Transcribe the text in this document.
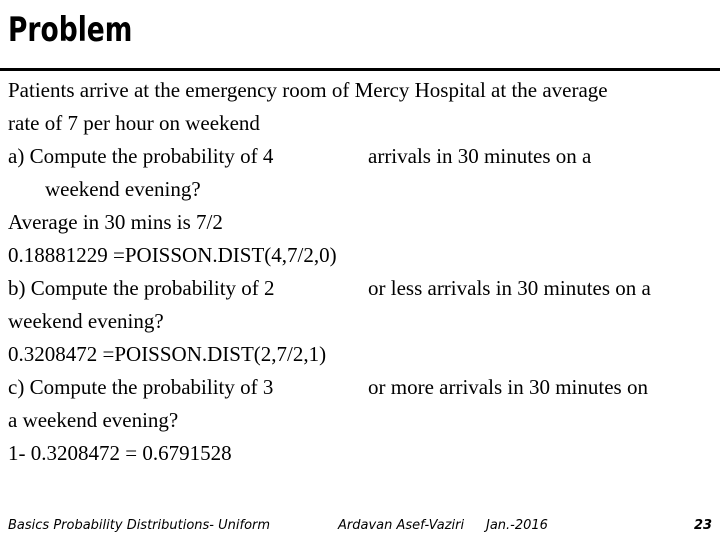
Problem
Patients arrive at the emergency room of Mercy Hospital at the average
rate of 7 per hour on weekend
a) Compute the probability of 4	arrivals in 30 minutes on a
weekend evening?
Average in 30 mins is 7/2
0.18881229 =POISSON.DIST(4,7/2,0)
b) Compute the probability of 2	or less arrivals in 30 minutes on a
weekend evening?
0.3208472 =POISSON.DIST(2,7/2,1)
c) Compute the probability of 3	or more arrivals in 30 minutes on
a weekend evening?
1- 0.3208472 = 0.6791528
Basics Probability Distributions- Uniform	Ardavan Asef-Vaziri Jan.-2016	23
